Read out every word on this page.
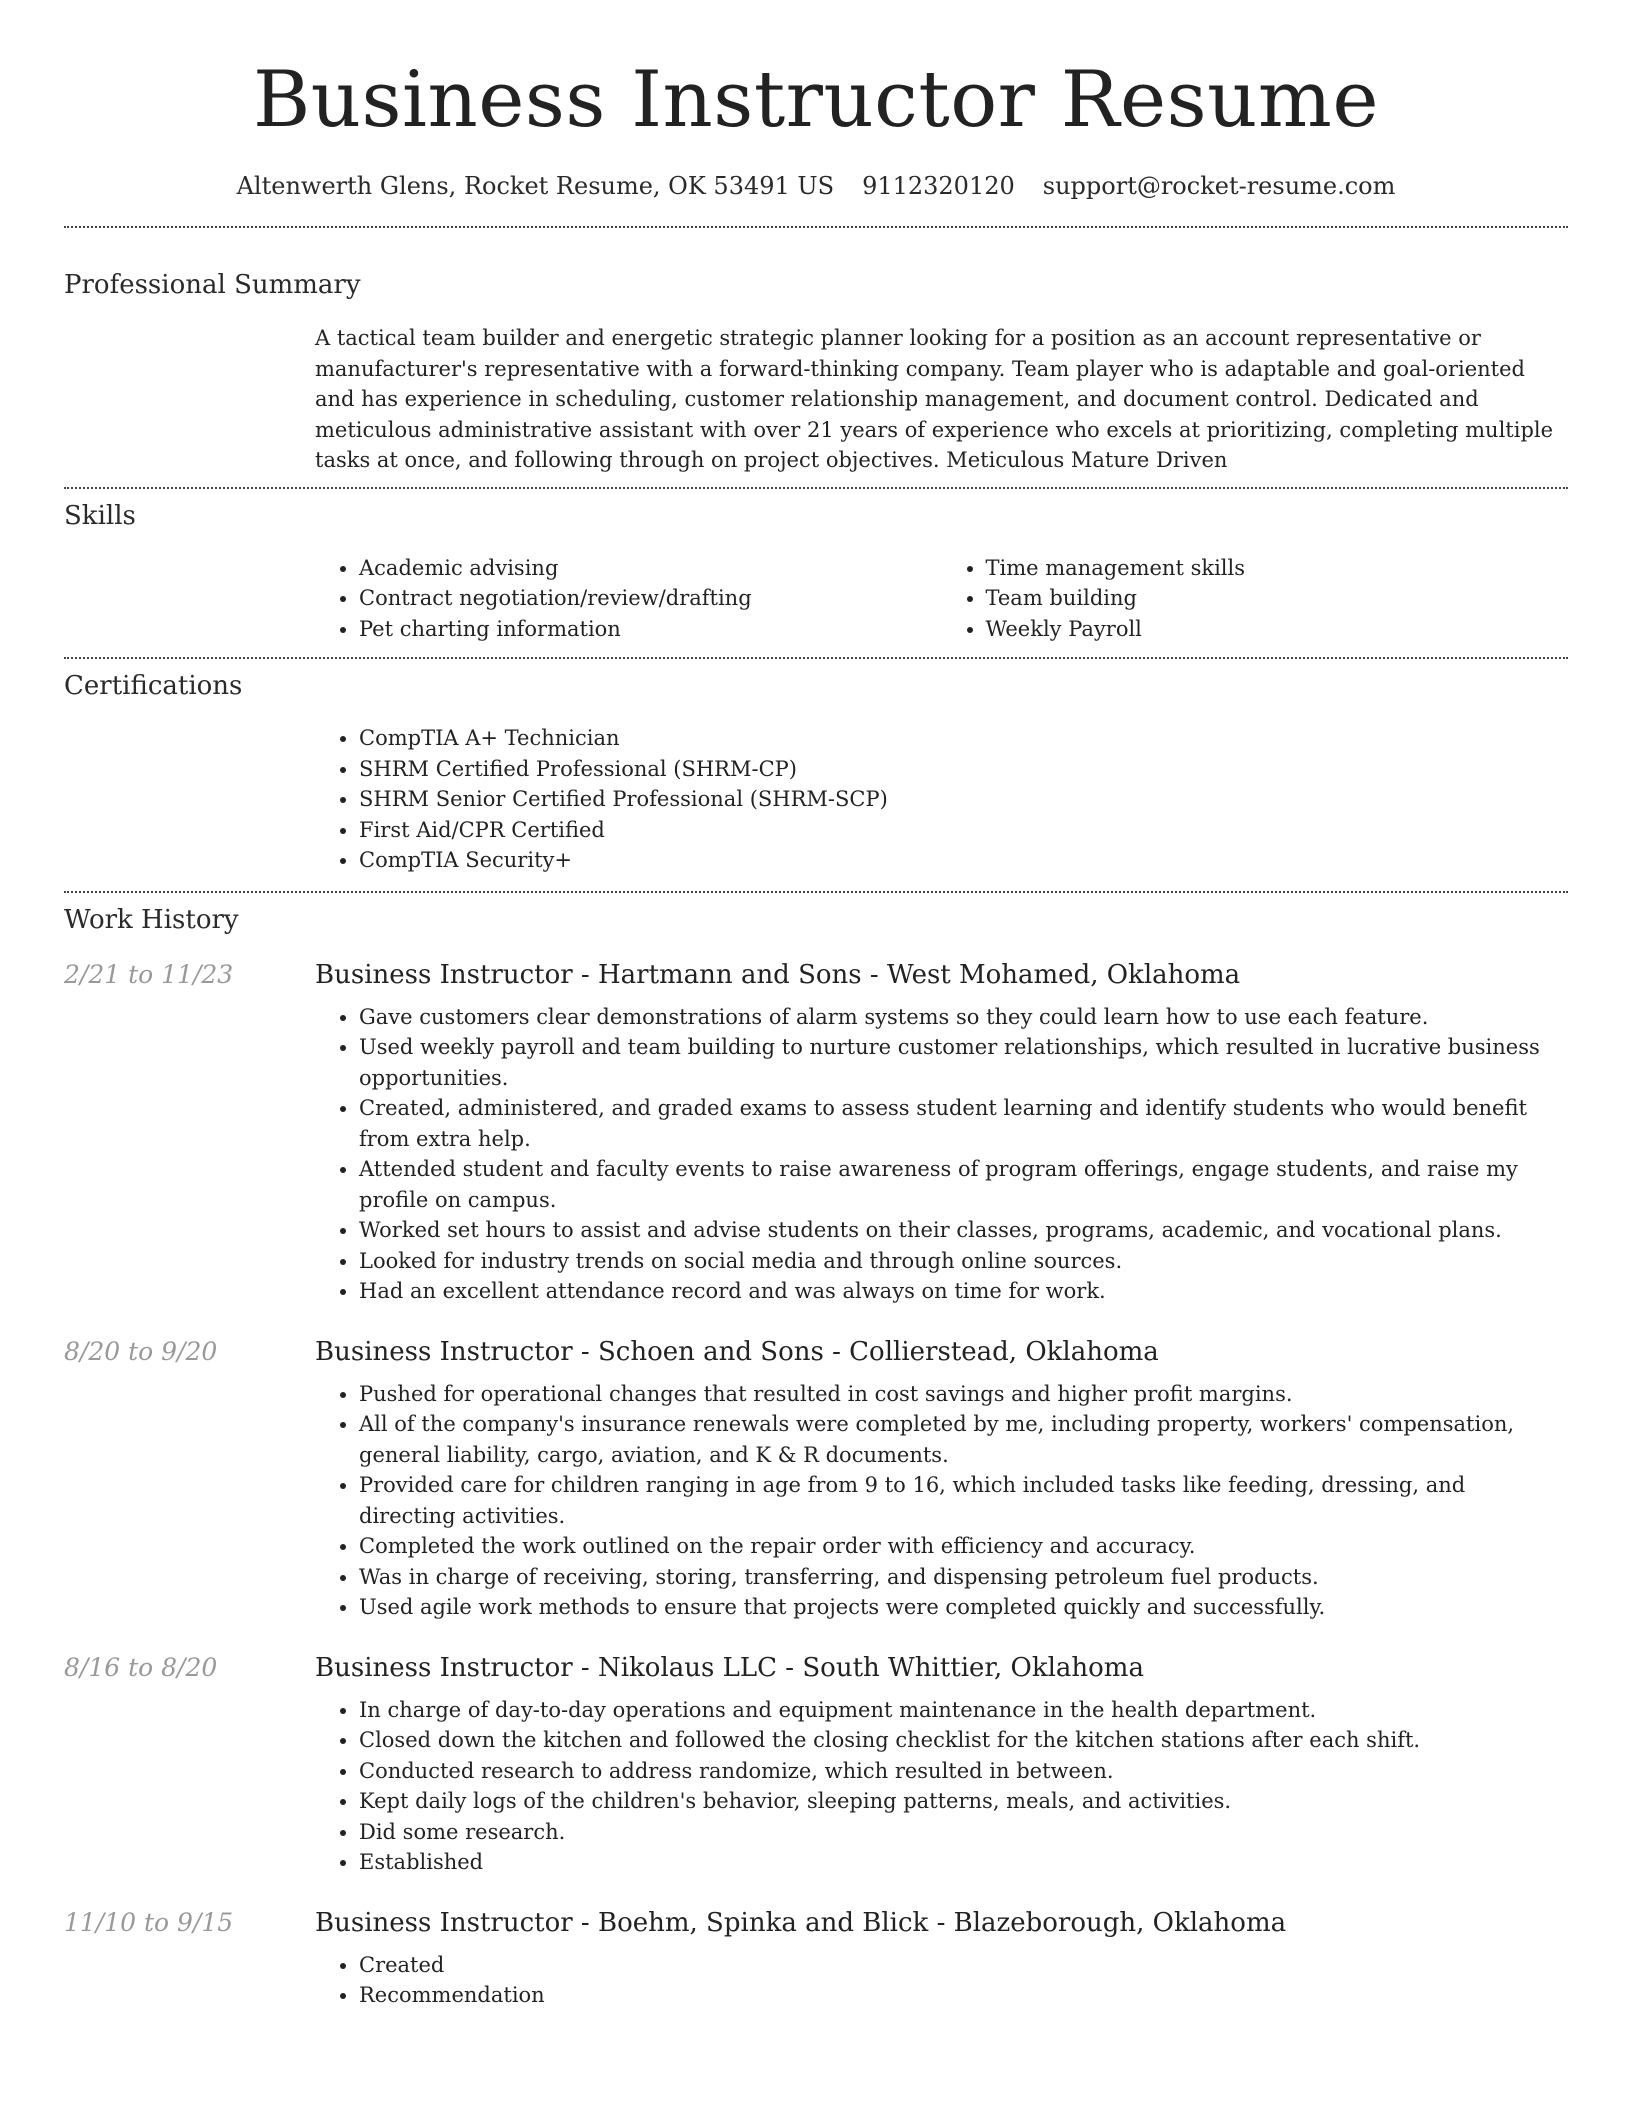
Business Instructor Resume
Altenwerth Glens, Rocket Resume, OK 53491 US 9112320120 support@rocket-resume.com
Professional Summary

A tactical team builder and energetic strategic planner looking for a position as an account representative or manufacturer's representative with a forward-thinking company. Team player who is adaptable and goal-oriented and has experience in scheduling, customer relationship management, and document control. Dedicated and meticulous administrative assistant with over 21 years of experience who excels at prioritizing, completing multiple tasks at once, and following through on project objectives. Meticulous Mature Driven

Skills
• Academic advising
• Contract negotiation/review/drafting
• Pet charting information
• Time management skills
• Team building
• Weekly Payroll
Certifications
• CompTIA A+ Technician
• SHRM Certified Professional (SHRM-CP)
• SHRM Senior Certified Professional (SHRM-SCP)
• First Aid/CPR Certified
• CompTIA Security+
Work History
2/21 to 11/23	Business Instructor - Hartmann and Sons - West Mohamed, Oklahoma
• Gave customers clear demonstrations of alarm systems so they could learn how to use each feature.
• Used weekly payroll and team building to nurture customer relationships, which resulted in lucrative business opportunities.
• Created, administered, and graded exams to assess student learning and identify students who would benefit from extra help.
• Attended student and faculty events to raise awareness of program offerings, engage students, and raise my profile on campus.
• Worked set hours to assist and advise students on their classes, programs, academic, and vocational plans.
• Looked for industry trends on social media and through online sources.
• Had an excellent attendance record and was always on time for work.
8/20 to 9/20	Business Instructor - Schoen and Sons - Collierstead, Oklahoma
• Pushed for operational changes that resulted in cost savings and higher profit margins.
• All of the company's insurance renewals were completed by me, including property, workers' compensation, general liability, cargo, aviation, and K & R documents.
• Provided care for children ranging in age from 9 to 16, which included tasks like feeding, dressing, and directing activities.
• Completed the work outlined on the repair order with efficiency and accuracy.
• Was in charge of receiving, storing, transferring, and dispensing petroleum fuel products.
• Used agile work methods to ensure that projects were completed quickly and successfully.
8/16 to 8/20	Business Instructor - Nikolaus LLC - South Whittier, Oklahoma
• In charge of day-to-day operations and equipment maintenance in the health department.
• Closed down the kitchen and followed the closing checklist for the kitchen stations after each shift.
• Conducted research to address randomize, which resulted in between.
• Kept daily logs of the children's behavior, sleeping patterns, meals, and activities.
• Did some research.
• Established
11/10 to 9/15	Business Instructor - Boehm, Spinka and Blick - Blazeborough, Oklahoma
• Created
• Recommendation
